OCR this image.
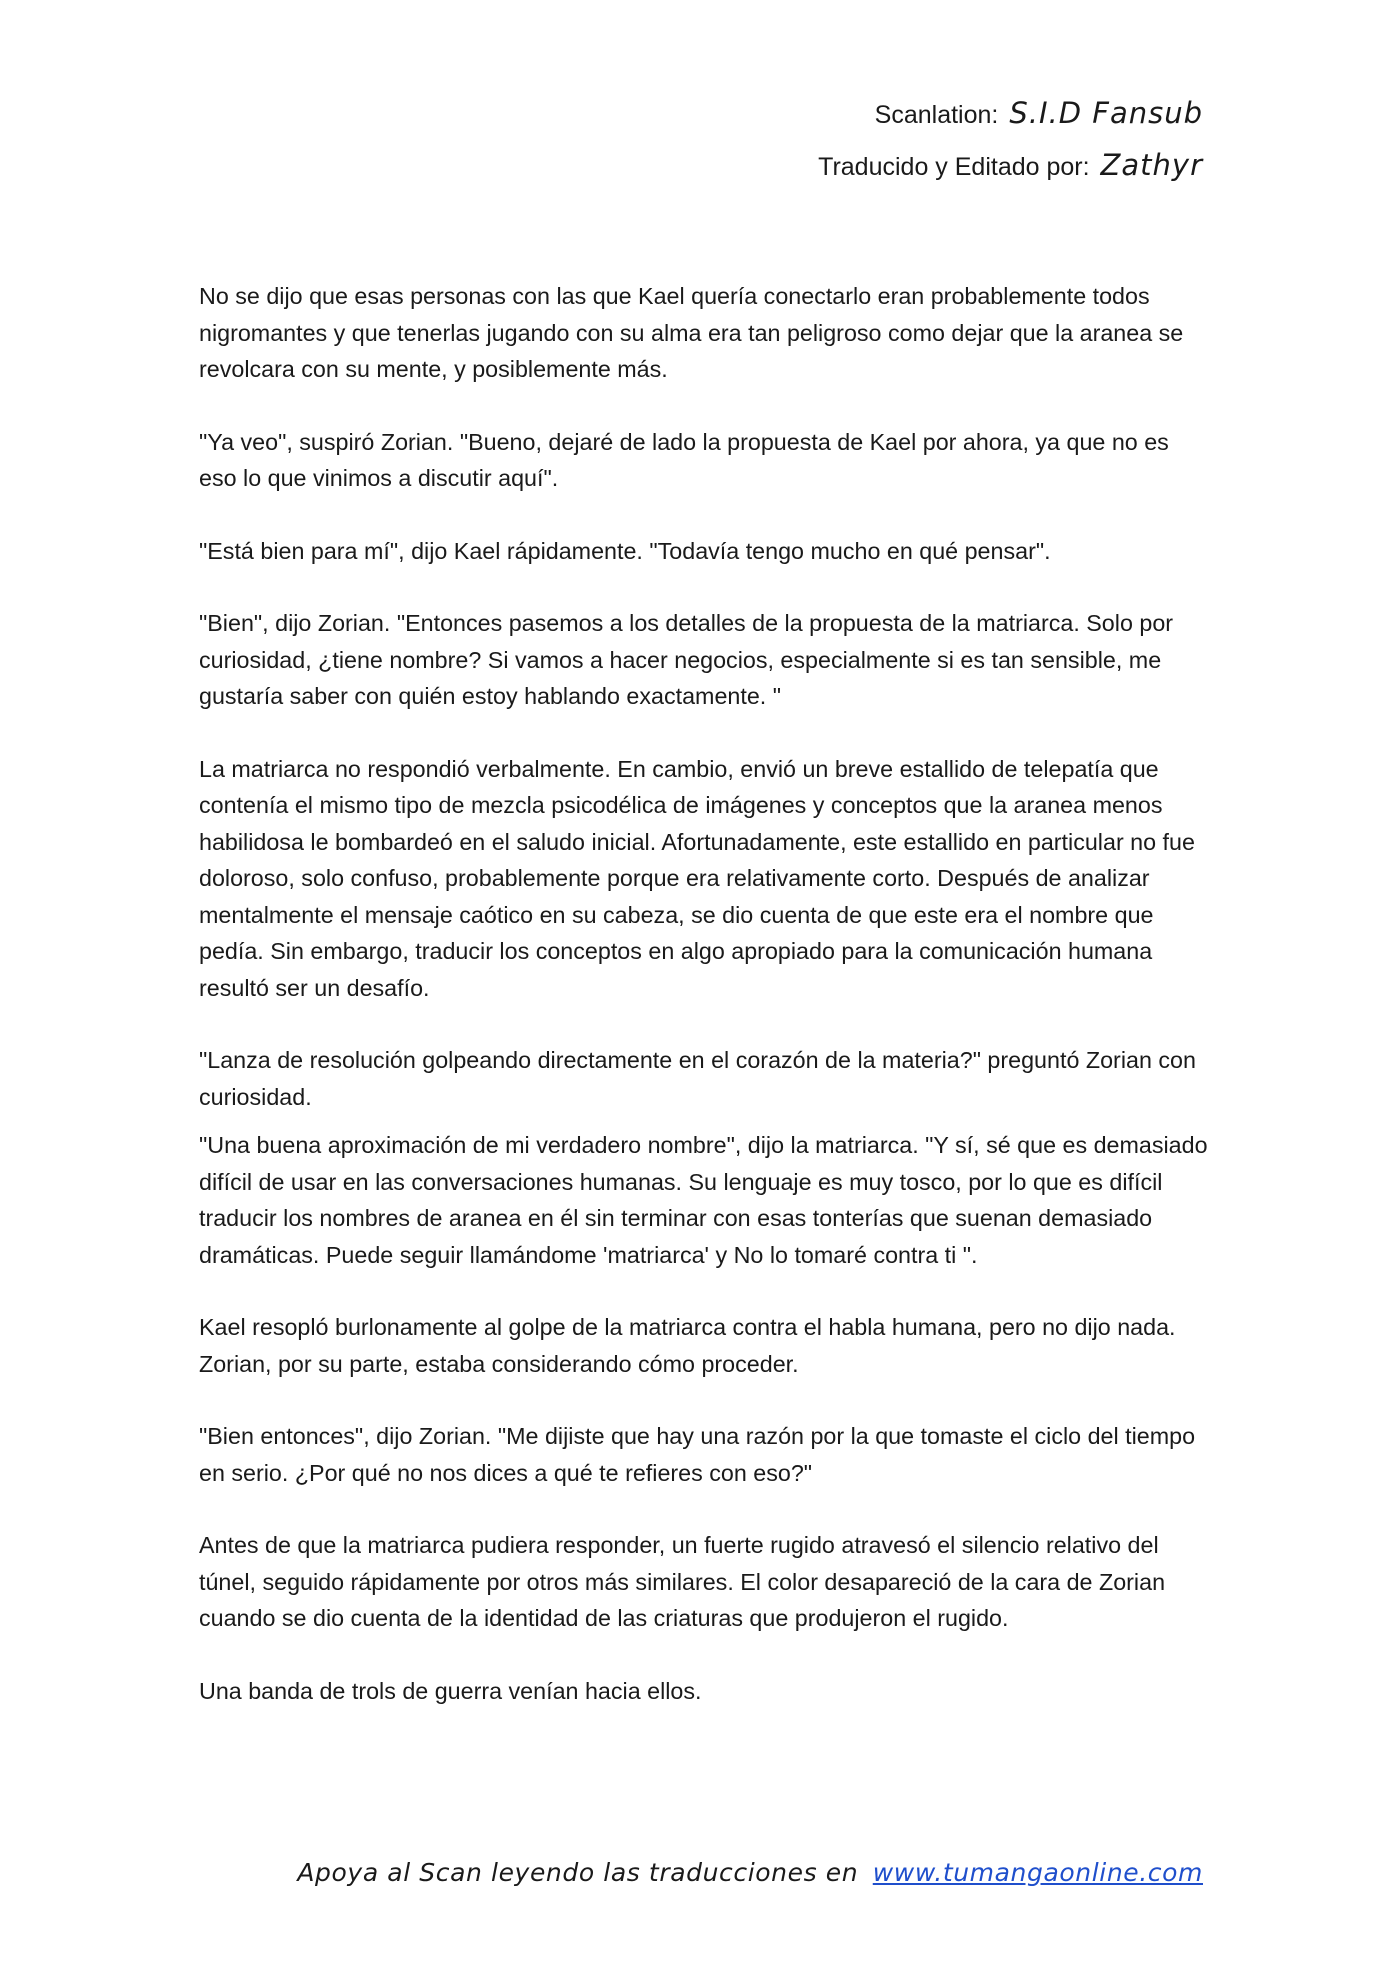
Scanlation: S.I.D Fansub
Traducido y Editado por: Zathyr

No se dijo que esas personas con las que Kael quería conectarlo eran probablemente todos nigromantes y que tenerlas jugando con su alma era tan peligroso como dejar que la aranea se revolcara con su mente, y posiblemente más.

"Ya veo", suspiró Zorian. "Bueno, dejaré de lado la propuesta de Kael por ahora, ya que no es eso lo que vinimos a discutir aquí".

"Está bien para mí", dijo Kael rápidamente. "Todavía tengo mucho en qué pensar".

"Bien", dijo Zorian. "Entonces pasemos a los detalles de la propuesta de la matriarca. Solo por curiosidad, ¿tiene nombre? Si vamos a hacer negocios, especialmente si es tan sensible, me gustaría saber con quién estoy hablando exactamente. "

La matriarca no respondió verbalmente. En cambio, envió un breve estallido de telepatía que contenía el mismo tipo de mezcla psicodélica de imágenes y conceptos que la aranea menos habilidosa le bombardeó en el saludo inicial. Afortunadamente, este estallido en particular no fue doloroso, solo confuso, probablemente porque era relativamente corto. Después de analizar mentalmente el mensaje caótico en su cabeza, se dio cuenta de que este era el nombre que pedía. Sin embargo, traducir los conceptos en algo apropiado para la comunicación humana resultó ser un desafío.

"Lanza de resolución golpeando directamente en el corazón de la materia?" preguntó Zorian con curiosidad.

"Una buena aproximación de mi verdadero nombre", dijo la matriarca. "Y sí, sé que es demasiado difícil de usar en las conversaciones humanas. Su lenguaje es muy tosco, por lo que es difícil traducir los nombres de aranea en él sin terminar con esas tonterías que suenan demasiado dramáticas. Puede seguir llamándome 'matriarca' y No lo tomaré contra ti ".

Kael resopló burlonamente al golpe de la matriarca contra el habla humana, pero no dijo nada. Zorian, por su parte, estaba considerando cómo proceder.

"Bien entonces", dijo Zorian. "Me dijiste que hay una razón por la que tomaste el ciclo del tiempo en serio. ¿Por qué no nos dices a qué te refieres con eso?"

Antes de que la matriarca pudiera responder, un fuerte rugido atravesó el silencio relativo del túnel, seguido rápidamente por otros más similares. El color desapareció de la cara de Zorian cuando se dio cuenta de la identidad de las criaturas que produjeron el rugido.

Una banda de trols de guerra venían hacia ellos.

Apoya al Scan leyendo las traducciones en www.tumangaonline.com
